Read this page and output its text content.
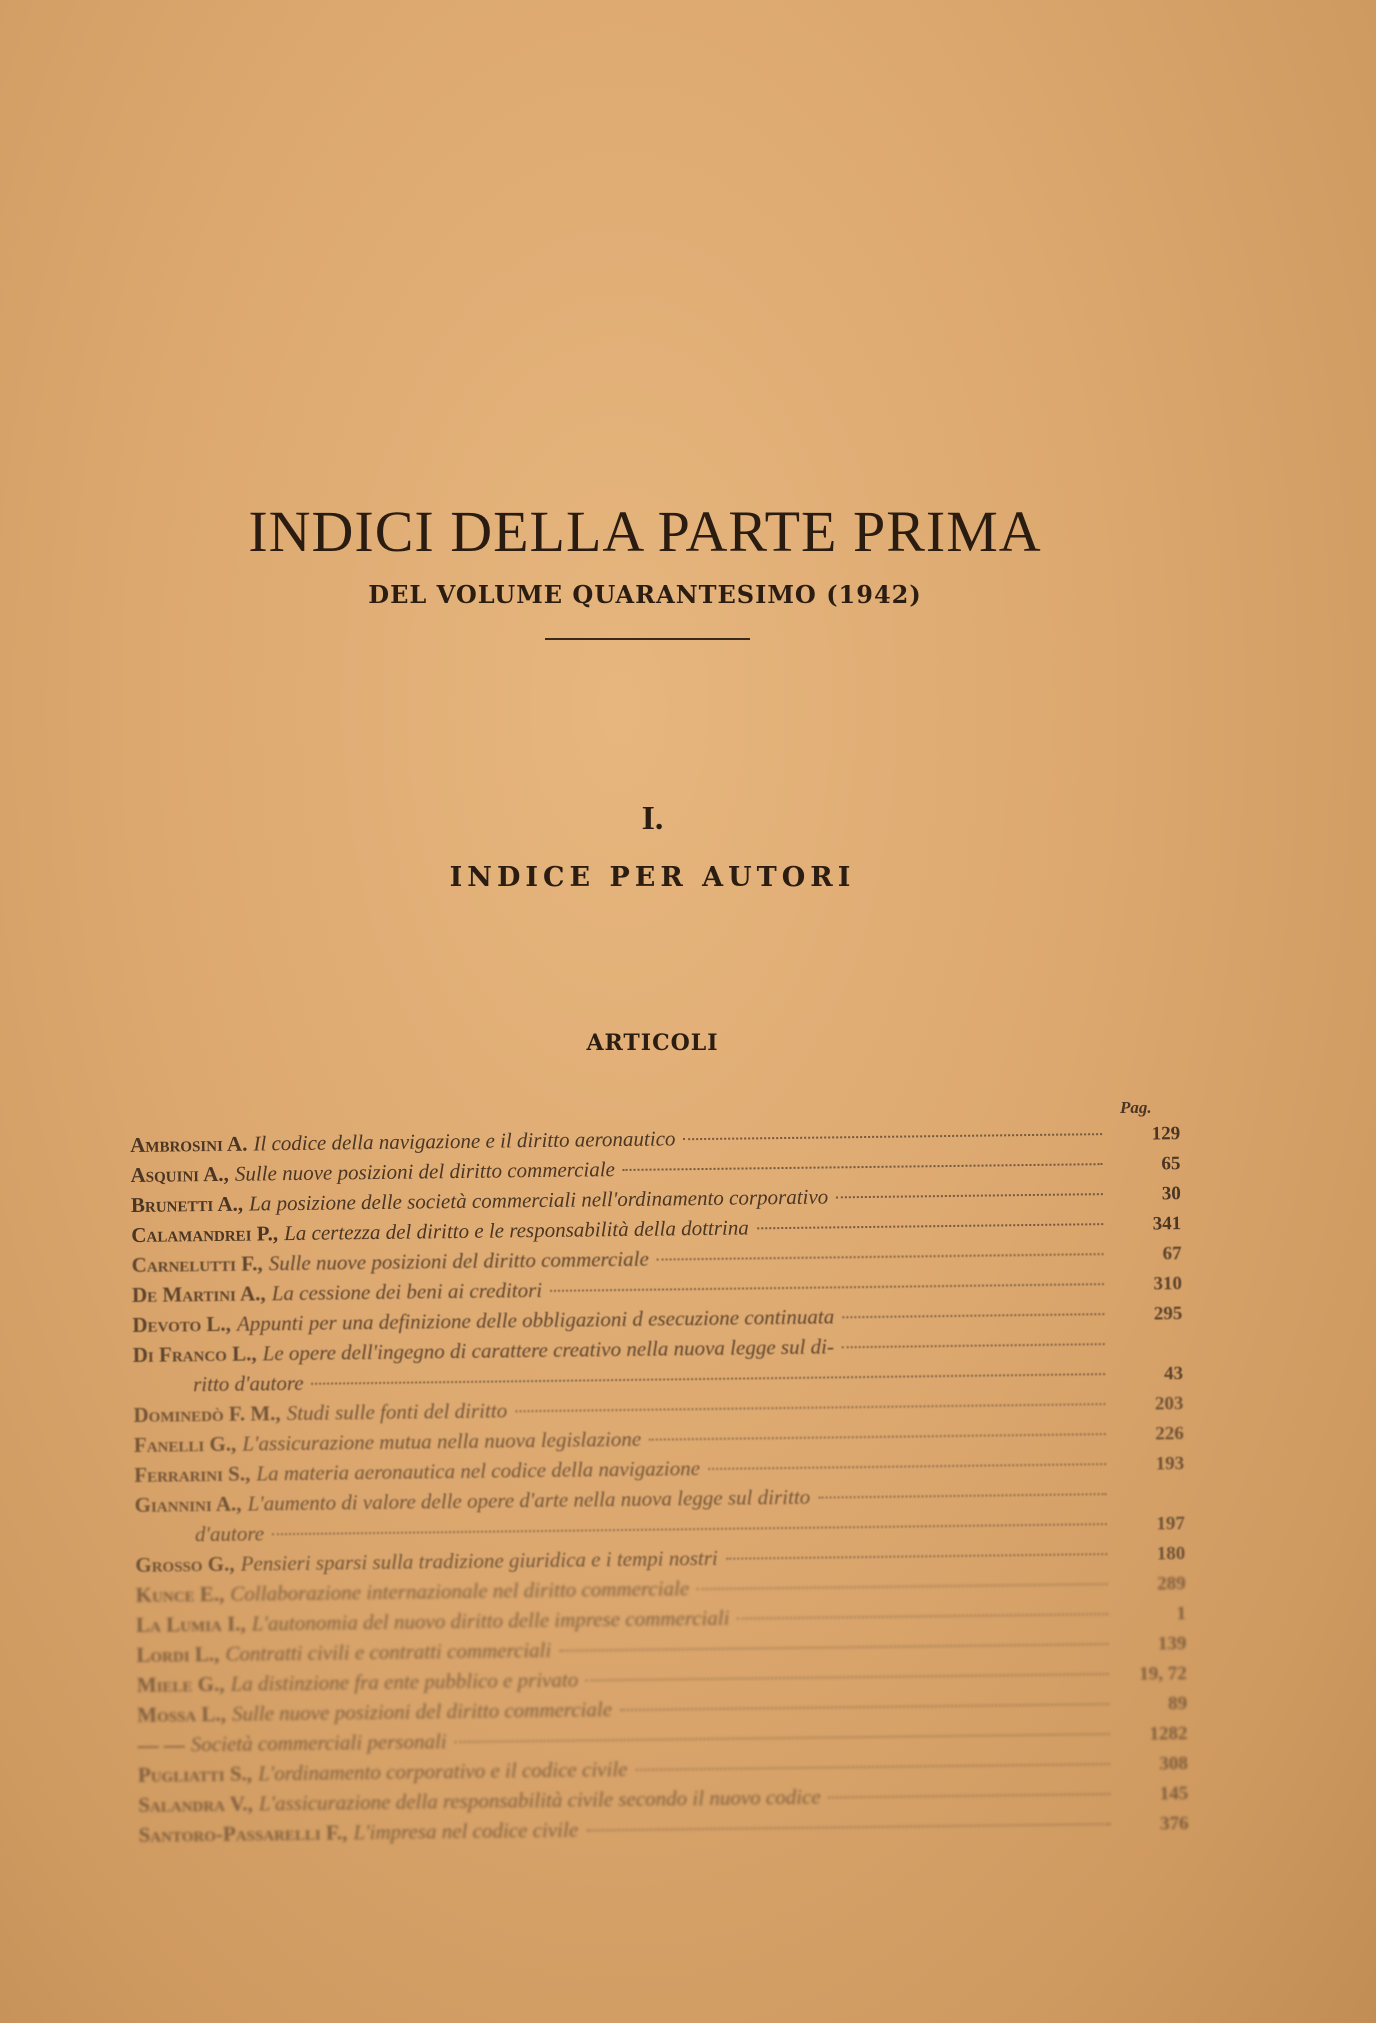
INDICI DELLA PARTE PRIMA
DEL VOLUME QUARANTESIMO (1942)
I.
INDICE PER AUTORI
ARTICOLI
Pag.
Ambrosini A. Il codice della navigazione e il diritto aeronautico	129
Asquini A., Sulle nuove posizioni del diritto commerciale	65
Brunetti A., La posizione delle società commerciali nell'ordinamento corporativo	30
Calamandrei P., La certezza del diritto e le responsabilità della dottrina	341
Carnelutti F., Sulle nuove posizioni del diritto commerciale	67
De Martini A., La cessione dei beni ai creditori	310
Devoto L., Appunti per una definizione delle obbligazioni d esecuzione continuata	295
Di Franco L., Le opere dell'ingegno di carattere creativo nella nuova legge sul di-
ritto d'autore	43
Dominedò F. M., Studi sulle fonti del diritto	203
Fanelli G., L'assicurazione mutua nella nuova legislazione	226
Ferrarini S., La materia aeronautica nel codice della navigazione	193
Giannini A., L'aumento di valore delle opere d'arte nella nuova legge sul diritto
d'autore	197
Grosso G., Pensieri sparsi sulla tradizione giuridica e i tempi nostri	180
Kunce E., Collaborazione internazionale nel diritto commerciale	289
La Lumia I., L'autonomia del nuovo diritto delle imprese commerciali	1
Lordi L., Contratti civili e contratti commerciali	139
Miele G., La distinzione fra ente pubblico e privato	19, 72
Mossa L., Sulle nuove posizioni del diritto commerciale	89
— — Società commerciali personali	1282
Pugliatti S., L'ordinamento corporativo e il codice civile	308
Salandra V., L'assicurazione della responsabilità civile secondo il nuovo codice	145
Santoro-Passarelli F., L'impresa nel codice civile	376
